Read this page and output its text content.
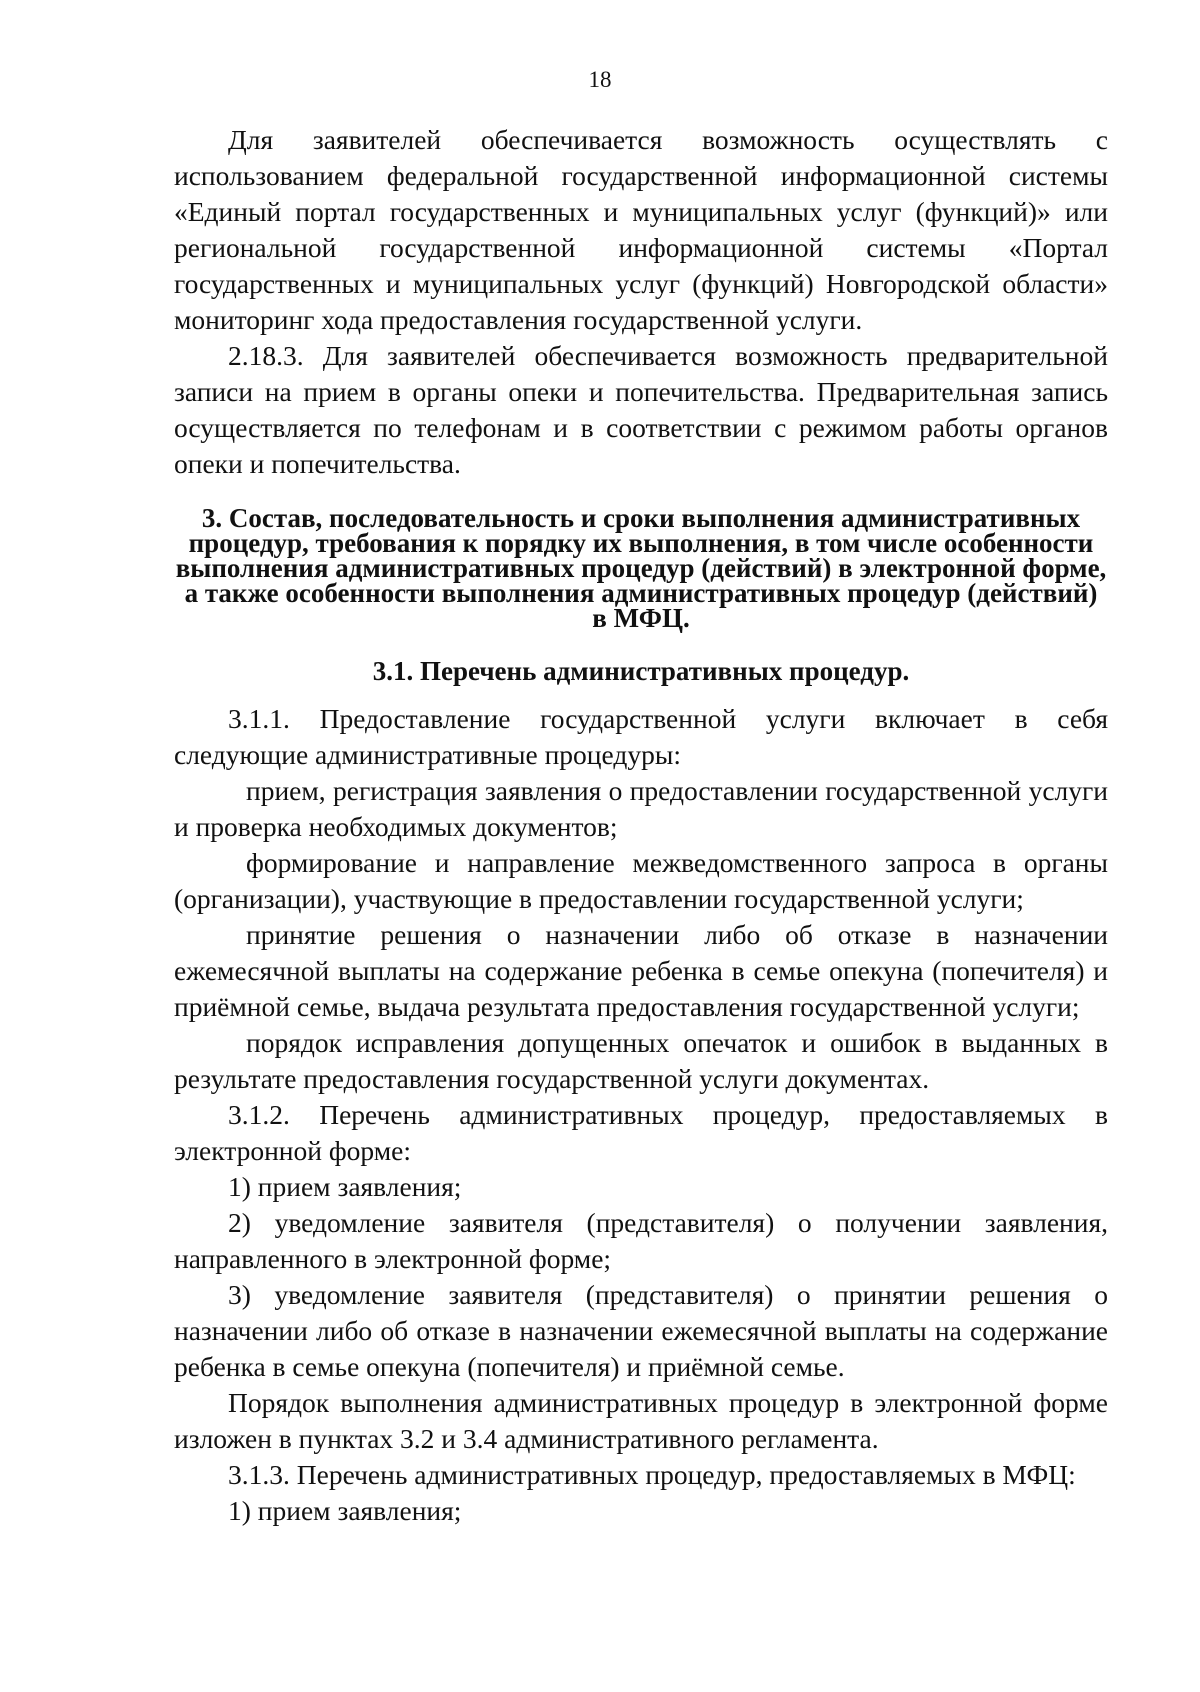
18

Для заявителей обеспечивается возможность осуществлять с использованием федеральной государственной информационной системы «Единый портал государственных и муниципальных услуг (функций)» или региональной государственной информационной системы «Портал государственных и муниципальных услуг (функций) Новгородской области» мониторинг хода предоставления государственной услуги.

2.18.3. Для заявителей обеспечивается возможность предварительной записи на прием в органы опеки и попечительства. Предварительная запись осуществляется по телефонам и в соответствии с режимом работы органов опеки и попечительства.

3. Состав, последовательность и сроки выполнения административных процедур, требования к порядку их выполнения, в том числе особенности выполнения административных процедур (действий) в электронной форме, а также особенности выполнения административных процедур (действий) в МФЦ.

3.1. Перечень административных процедур.

3.1.1. Предоставление государственной услуги включает в себя следующие административные процедуры:

прием, регистрация заявления о предоставлении государственной услуги и проверка необходимых документов;

формирование и направление межведомственного запроса в органы (организации), участвующие в предоставлении государственной услуги;

принятие решения о назначении либо об отказе в назначении ежемесячной выплаты на содержание ребенка в семье опекуна (попечителя) и приёмной семье, выдача результата предоставления государственной услуги;

порядок исправления допущенных опечаток и ошибок в выданных в результате предоставления государственной услуги документах.

3.1.2. Перечень административных процедур, предоставляемых в электронной форме:

1) прием заявления;

2) уведомление заявителя (представителя) о получении заявления, направленного в электронной форме;

3) уведомление заявителя (представителя) о принятии решения о назначении либо об отказе в назначении ежемесячной выплаты на содержание ребенка в семье опекуна (попечителя) и приёмной семье.

Порядок выполнения административных процедур в электронной форме изложен в пунктах 3.2 и 3.4 административного регламента.

3.1.3. Перечень административных процедур, предоставляемых в МФЦ:

1) прием заявления;
